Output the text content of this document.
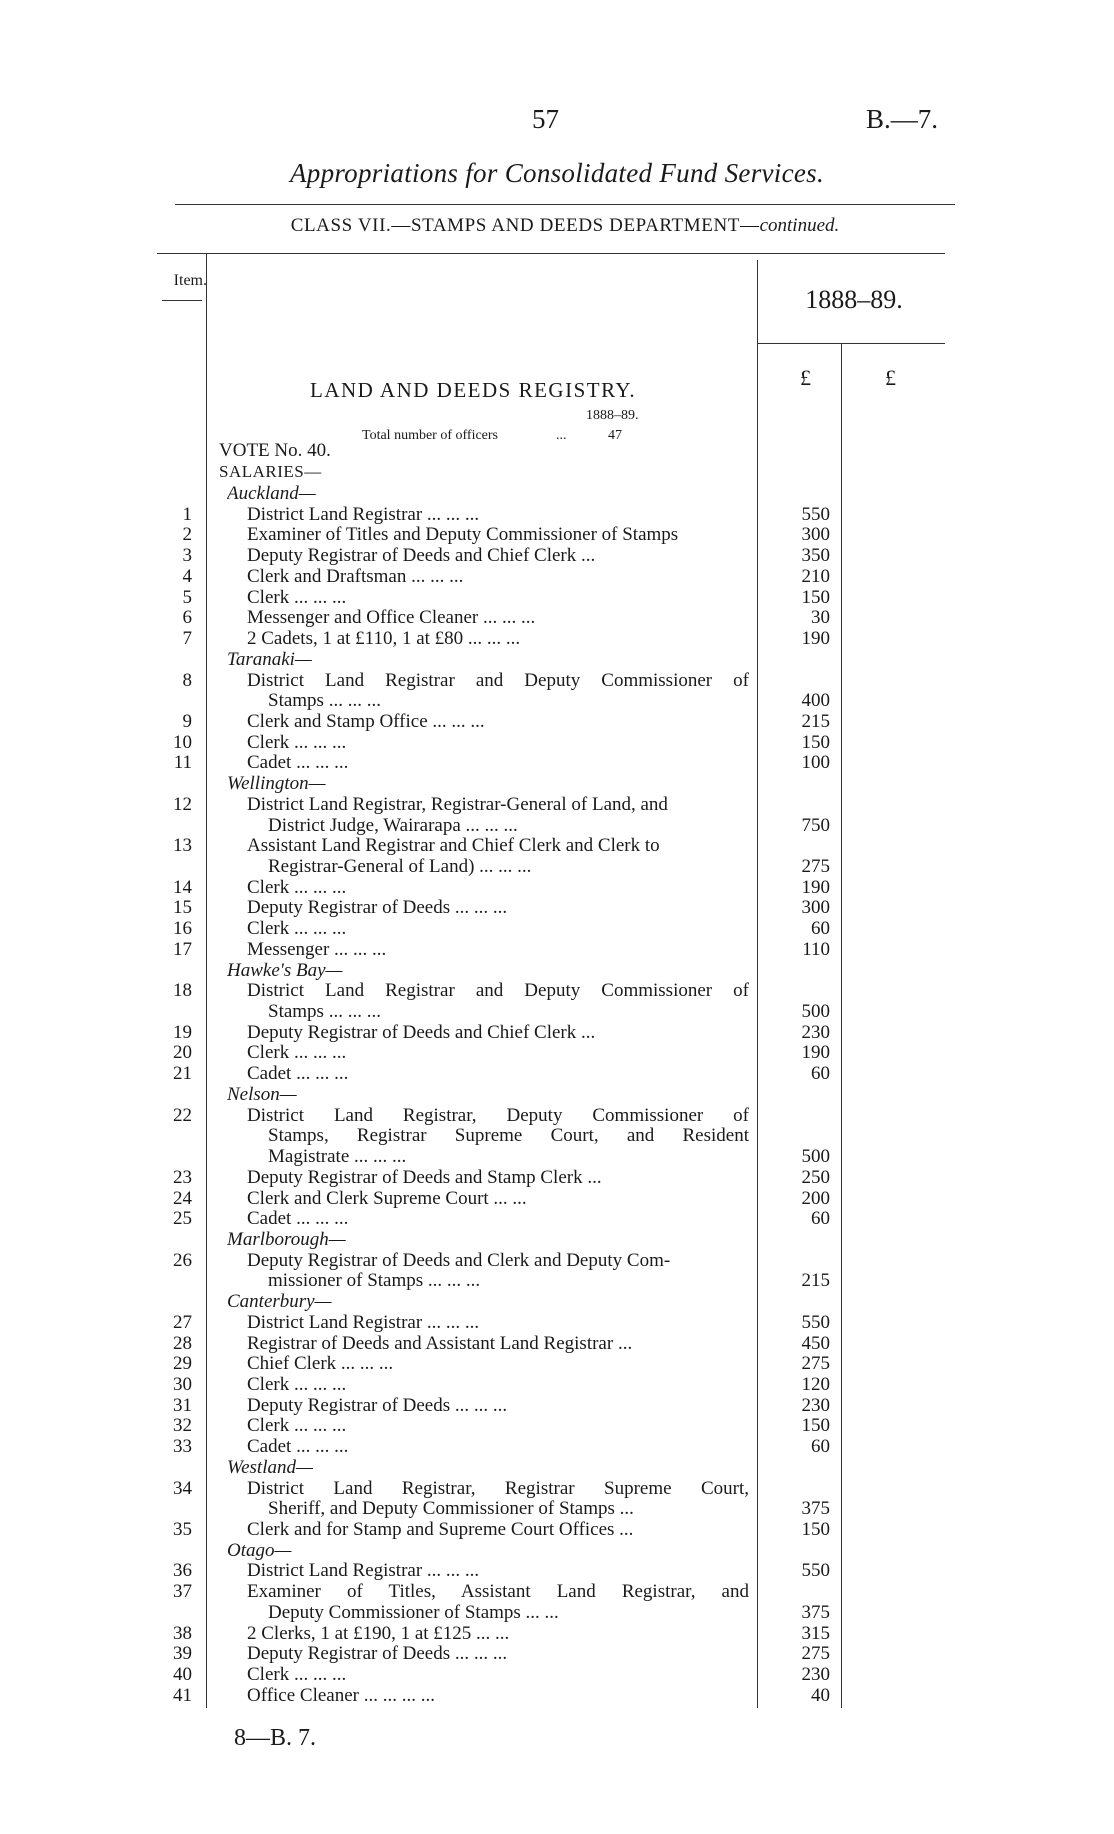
57	B.—7.
Appropriations for Consolidated Fund Services.
CLASS VII.—STAMPS AND DEEDS DEPARTMENT—continued.
Item.
1888–89.
£	£
LAND AND DEEDS REGISTRY.
1888–89.
Total number of officers	...	47
VOTE No. 40.
SALARIES—
Auckland—
1	District Land Registrar ... ... ...	550
2	Examiner of Titles and Deputy Commissioner of Stamps	300
3	Deputy Registrar of Deeds and Chief Clerk ...	350
4	Clerk and Draftsman ... ... ...	210
5	Clerk ... ... ...	150
6	Messenger and Office Cleaner ... ... ...	30
7	2 Cadets, 1 at £110, 1 at £80 ... ... ...	190
Taranaki—
8	District Land Registrar and Deputy Commissioner of
Stamps ... ... ...	400
9	Clerk and Stamp Office ... ... ...	215
10	Clerk ... ... ...	150
11	Cadet ... ... ...	100
Wellington—
12	District Land Registrar, Registrar-General of Land, and
District Judge, Wairarapa ... ... ...	750
13	Assistant Land Registrar and Chief Clerk and Clerk to
Registrar-General of Land) ... ... ...	275
14	Clerk ... ... ...	190
15	Deputy Registrar of Deeds ... ... ...	300
16	Clerk ... ... ...	60
17	Messenger ... ... ...	110
Hawke's Bay—
18	District Land Registrar and Deputy Commissioner of
Stamps ... ... ...	500
19	Deputy Registrar of Deeds and Chief Clerk ...	230
20	Clerk ... ... ...	190
21	Cadet ... ... ...	60
Nelson—
22	District Land Registrar, Deputy Commissioner of
Stamps, Registrar Supreme Court, and Resident
Magistrate ... ... ...	500
23	Deputy Registrar of Deeds and Stamp Clerk ...	250
24	Clerk and Clerk Supreme Court ... ...	200
25	Cadet ... ... ...	60
Marlborough—
26	Deputy Registrar of Deeds and Clerk and Deputy Com-
missioner of Stamps ... ... ...	215
Canterbury—
27	District Land Registrar ... ... ...	550
28	Registrar of Deeds and Assistant Land Registrar ...	450
29	Chief Clerk ... ... ...	275
30	Clerk ... ... ...	120
31	Deputy Registrar of Deeds ... ... ...	230
32	Clerk ... ... ...	150
33	Cadet ... ... ...	60
Westland—
34	District Land Registrar, Registrar Supreme Court,
Sheriff, and Deputy Commissioner of Stamps ...	375
35	Clerk and for Stamp and Supreme Court Offices ...	150
Otago—
36	District Land Registrar ... ... ...	550
37	Examiner of Titles, Assistant Land Registrar, and
Deputy Commissioner of Stamps ... ...	375
38	2 Clerks, 1 at £190, 1 at £125 ... ...	315
39	Deputy Registrar of Deeds ... ... ...	275
40	Clerk ... ... ...	230
41	Office Cleaner ... ... ... ...	40
8—B. 7.
